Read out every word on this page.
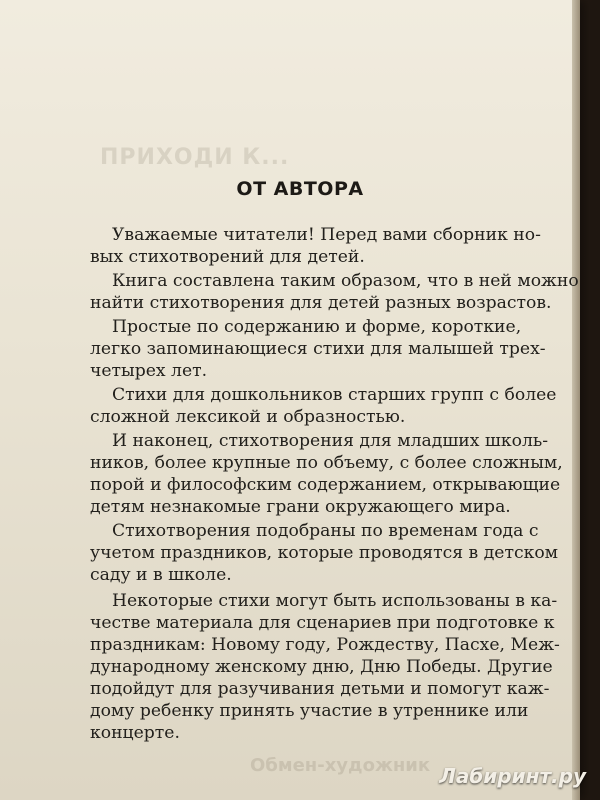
ПРИХОДИ К...
Обмен-художник
ОТ АВТОРА
Уважаемые читатели! Перед вами сборник но-
вых стихотворений для детей.
Книга составлена таким образом, что в ней можно
найти стихотворения для детей разных возрастов.
Простые по содержанию и форме, короткие,
легко запоминающиеся стихи для малышей трех-
четырех лет.
Стихи для дошкольников старших групп с более
сложной лексикой и образностью.
И наконец, стихотворения для младших школь-
ников, более крупные по объему, с более сложным,
порой и философским содержанием, открывающие
детям незнакомые грани окружающего мира.
Стихотворения подобраны по временам года с
учетом праздников, которые проводятся в детском
саду и в школе.
Некоторые стихи могут быть использованы в ка-
честве материала для сценариев при подготовке к
праздникам: Новому году, Рождеству, Пасхе, Меж-
дународному женскому дню, Дню Победы. Другие
подойдут для разучивания детьми и помогут каж-
дому ребенку принять участие в утреннике или
концерте.
Лабиринт.ру
